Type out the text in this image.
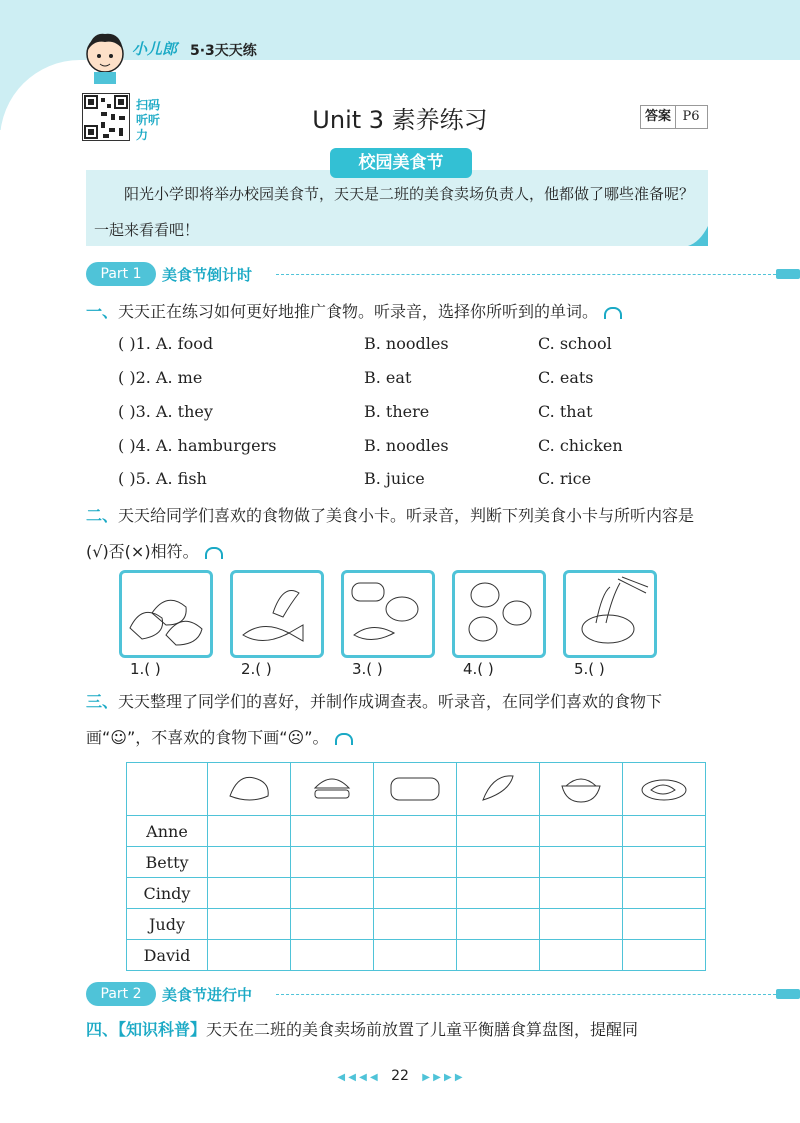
小儿郎 5·3天天练
扫码听听力
Unit 3 素养练习	答案 P6
校园美食节
阳光小学即将举办校园美食节，天天是二班的美食卖场负责人，他都做了哪些准备呢？一起来看看吧！
Part 1	美食节倒计时
一、天天正在练习如何更好地推广食物。听录音，选择你所听到的单词。
( )1. A. food	B. noodles	C. school
( )2. A. me	B. eat	C. eats
( )3. A. they	B. there	C. that
( )4. A. hamburgers	B. noodles	C. chicken
( )5. A. fish	B. juice	C. rice
二、天天给同学们喜欢的食物做了美食小卡。听录音，判断下列美食小卡与所听内容是(√)否(×)相符。
1.( )	2.( )	3.( )	4.( )	5.( )
三、天天整理了同学们的喜好，并制作成调查表。听录音，在同学们喜欢的食物下画“☺”，不喜欢的食物下画“☹”。

Anne						
Betty						
Cindy						
Judy						
David						
Part 2	美食节进行中
四、【知识科普】天天在二班的美食卖场前放置了儿童平衡膳食算盘图，提醒同
◀ ◀ ◀ ◀ 22 ▶ ▶ ▶ ▶
